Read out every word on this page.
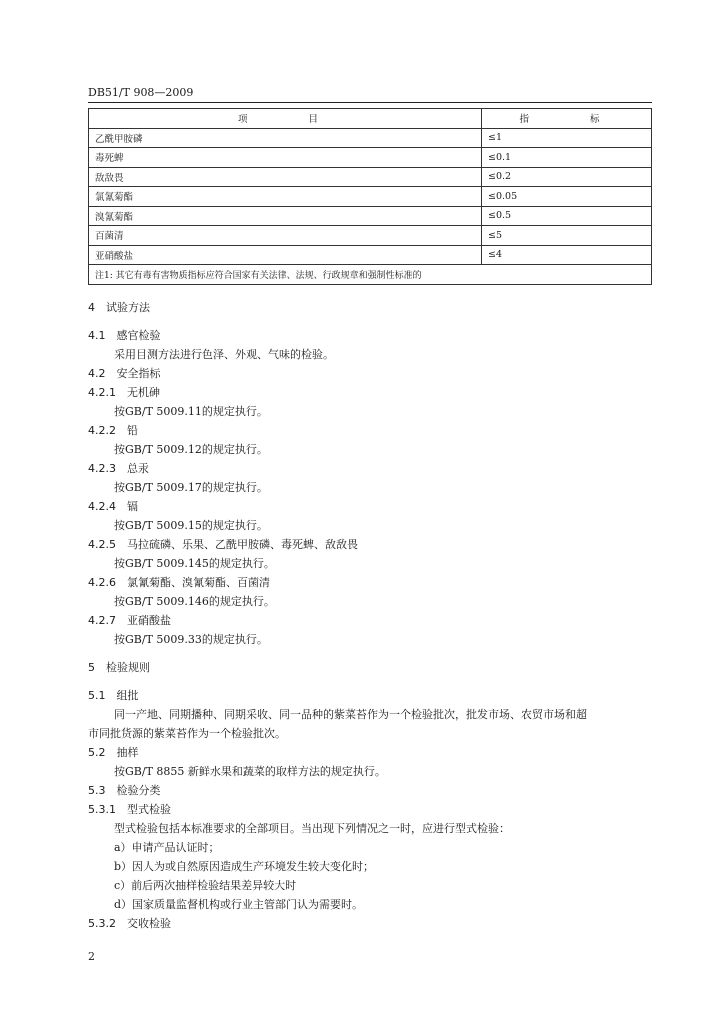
DB51/T 908—2009
项　　目	指　　标
乙酰甲胺磷	≤1
毒死蜱	≤0.1
敌敌畏	≤0.2
氯氰菊酯	≤0.05
溴氰菊酯	≤0.5
百菌清	≤5
亚硝酸盐	≤4
注1: 其它有毒有害物质指标应符合国家有关法律、法规、行政规章和强制性标准的	
4　试验方法
4.1　感官检验
采用目测方法进行色泽、外观、气味的检验。
4.2　安全指标
4.2.1　无机砷
按GB/T 5009.11的规定执行。
4.2.2　铅
按GB/T 5009.12的规定执行。
4.2.3　总汞
按GB/T 5009.17的规定执行。
4.2.4　镉
按GB/T 5009.15的规定执行。
4.2.5　马拉硫磷、乐果、乙酰甲胺磷、毒死蜱、敌敌畏
按GB/T 5009.145的规定执行。
4.2.6　氯氰菊酯、溴氰菊酯、百菌清
按GB/T 5009.146的规定执行。
4.2.7　亚硝酸盐
按GB/T 5009.33的规定执行。
5　检验规则
5.1　组批
同一产地、同期播种、同期采收、同一品种的紫菜苔作为一个检验批次，批发市场、农贸市场和超
市同批货源的紫菜苔作为一个检验批次。
5.2　抽样
按GB/T 8855 新鲜水果和蔬菜的取样方法的规定执行。
5.3　检验分类
5.3.1　型式检验
型式检验包括本标准要求的全部项目。当出现下列情况之一时，应进行型式检验：
a）申请产品认证时；
b）因人为或自然原因造成生产环境发生较大变化时；
c）前后两次抽样检验结果差异较大时
d）国家质量监督机构或行业主管部门认为需要时。
5.3.2　交收检验
2
